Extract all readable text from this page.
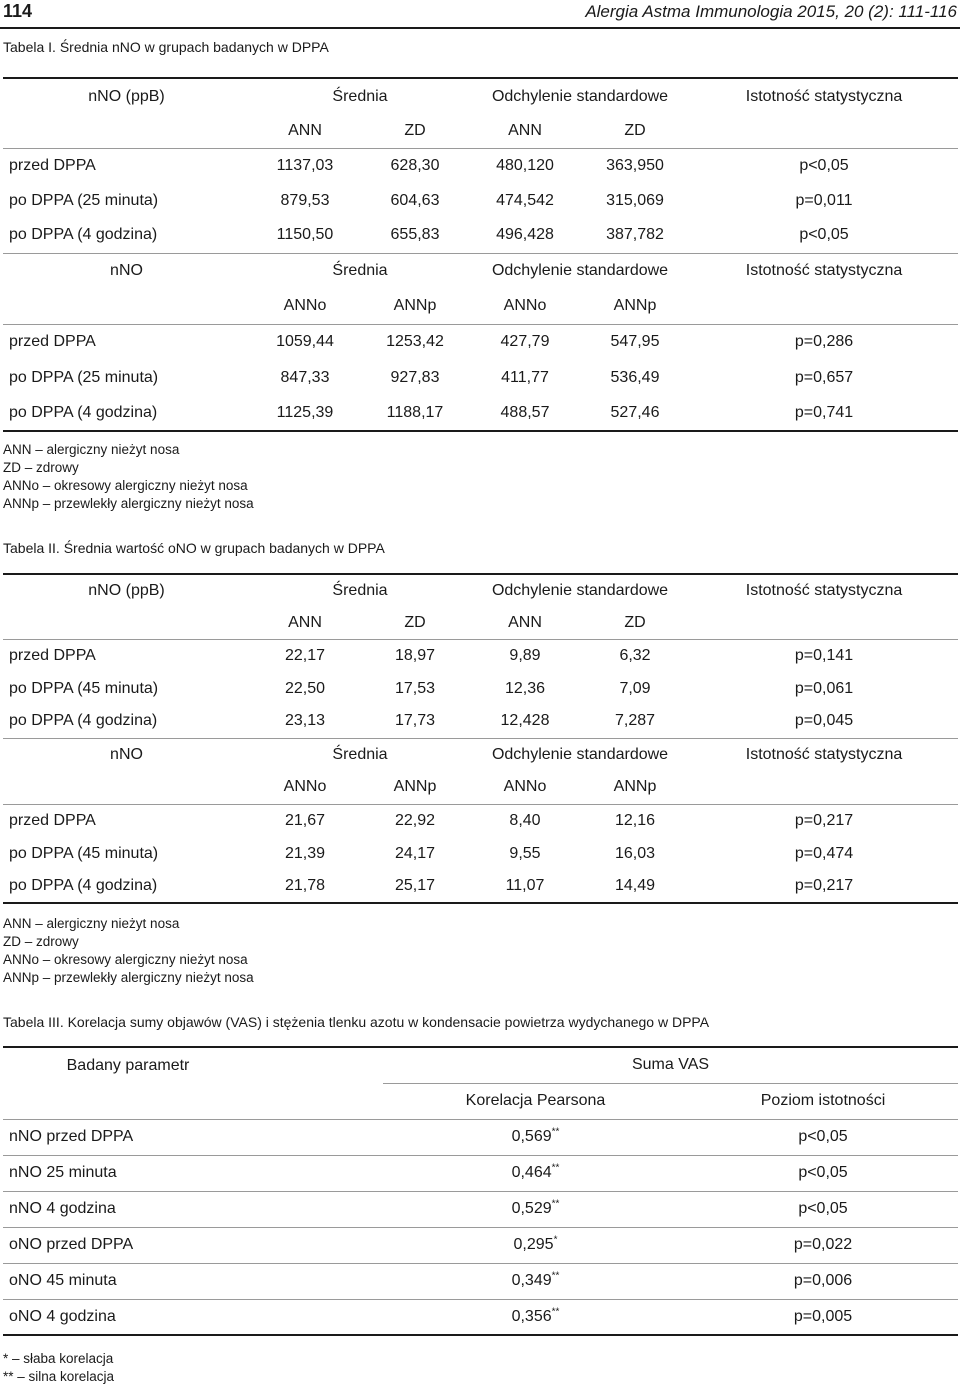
114	Alergia Astma Immunologia 2015, 20 (2): 111-116
Tabela I. Średnia nNO w grupach badanych w DPPA
nNO (ppB)	Średnia		Odchylenie standardowe		Istotność statystyczna
	ANN	ZD	ANN	ZD	
przed DPPA	1137,03	628,30	480,120	363,950	p<0,05
po DPPA (25 minuta)	879,53	604,63	474,542	315,069	p=0,011
po DPPA (4 godzina)	1150,50	655,83	496,428	387,782	p<0,05
nNO	Średnia		Odchylenie standardowe		Istotność statystyczna
	ANNo	ANNp	ANNo	ANNp	
przed DPPA	1059,44	1253,42	427,79	547,95	p=0,286
po DPPA (25 minuta)	847,33	927,83	411,77	536,49	p=0,657
po DPPA (4 godzina)	1125,39	1188,17	488,57	527,46	p=0,741
ANN – alergiczny nieżyt nosa
ZD – zdrowy
ANNo – okresowy alergiczny nieżyt nosa
ANNp – przewlekły alergiczny nieżyt nosa
Tabela II. Średnia wartość oNO w grupach badanych w DPPA
nNO (ppB)	Średnia		Odchylenie standardowe		Istotność statystyczna
	ANN	ZD	ANN	ZD	
przed DPPA	22,17	18,97	9,89	6,32	p=0,141
po DPPA (45 minuta)	22,50	17,53	12,36	7,09	p=0,061
po DPPA (4 godzina)	23,13	17,73	12,428	7,287	p=0,045
nNO	Średnia		Odchylenie standardowe		Istotność statystyczna
	ANNo	ANNp	ANNo	ANNp	
przed DPPA	21,67	22,92	8,40	12,16	p=0,217
po DPPA (45 minuta)	21,39	24,17	9,55	16,03	p=0,474
po DPPA (4 godzina)	21,78	25,17	11,07	14,49	p=0,217
ANN – alergiczny nieżyt nosa
ZD – zdrowy
ANNo – okresowy alergiczny nieżyt nosa
ANNp – przewlekły alergiczny nieżyt nosa
Tabela III. Korelacja sumy objawów (VAS) i stężenia tlenku azotu w kondensacie powietrza wydychanego w DPPA
Badany parametr	Suma VAS	
	Korelacja Pearsona	Poziom istotności
nNO przed DPPA	0,569**	p<0,05
nNO 25 minuta	0,464**	p<0,05
nNO 4 godzina	0,529**	p<0,05
oNO przed DPPA	0,295*	p=0,022
oNO 45 minuta	0,349**	p=0,006
oNO 4 godzina	0,356**	p=0,005
* – słaba korelacja
** – silna korelacja
